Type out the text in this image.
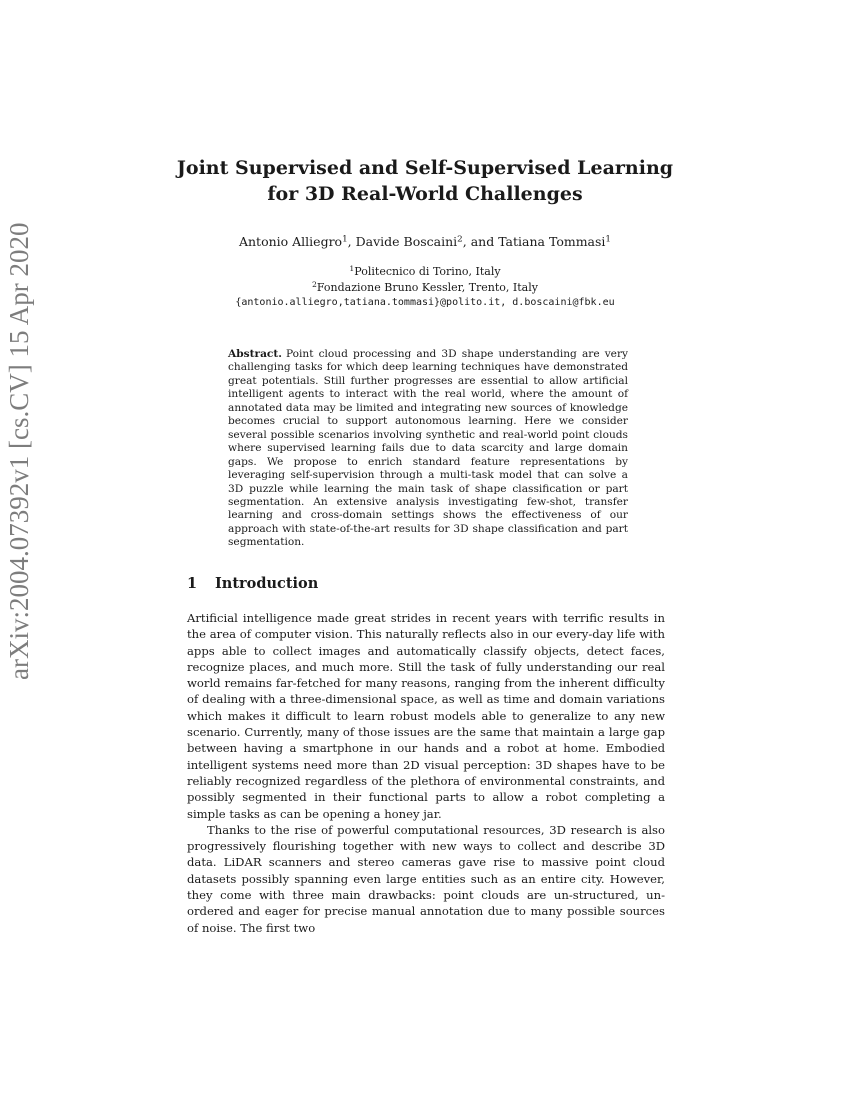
arXiv:2004.07392v1 [cs.CV] 15 Apr 2020
Joint Supervised and Self-Supervised Learning
for 3D Real-World Challenges
Antonio Alliegro$^1$, Davide Boscaini$^2$, and Tatiana Tommasi$^1$
$^1$Politecnico di Torino, Italy
$^2$Fondazione Bruno Kessler, Trento, Italy
{antonio.alliegro,tatiana.tommasi}@polito.it, d.boscaini@fbk.eu
Abstract. Point cloud processing and 3D shape understanding are very challenging tasks for which deep learning techniques have demonstrated great potentials. Still further progresses are essential to allow artificial intelligent agents to interact with the real world, where the amount of annotated data may be limited and integrating new sources of knowledge becomes crucial to support autonomous learning. Here we consider several possible scenarios involving synthetic and real-world point clouds where supervised learning fails due to data scarcity and large domain gaps. We propose to enrich standard feature representations by leveraging self-supervision through a multi-task model that can solve a 3D puzzle while learning the main task of shape classification or part segmentation. An extensive analysis investigating few-shot, transfer learning and cross-domain settings shows the effectiveness of our approach with state-of-the-art results for 3D shape classification and part segmentation.
1 Introduction

Artificial intelligence made great strides in recent years with terrific results in the area of computer vision. This naturally reflects also in our every-day life with apps able to collect images and automatically classify objects, detect faces, recognize places, and much more. Still the task of fully understanding our real world remains far-fetched for many reasons, ranging from the inherent difficulty of dealing with a three-dimensional space, as well as time and domain variations which makes it difficult to learn robust models able to generalize to any new scenario. Currently, many of those issues are the same that maintain a large gap between having a smartphone in our hands and a robot at home. Embodied intelligent systems need more than 2D visual perception: 3D shapes have to be reliably recognized regardless of the plethora of environmental constraints, and possibly segmented in their functional parts to allow a robot completing a simple tasks as can be opening a honey jar.

Thanks to the rise of powerful computational resources, 3D research is also progressively flourishing together with new ways to collect and describe 3D data. LiDAR scanners and stereo cameras gave rise to massive point cloud datasets possibly spanning even large entities such as an entire city. However, they come with three main drawbacks: point clouds are un-structured, un-ordered and eager for precise manual annotation due to many possible sources of noise. The first two
